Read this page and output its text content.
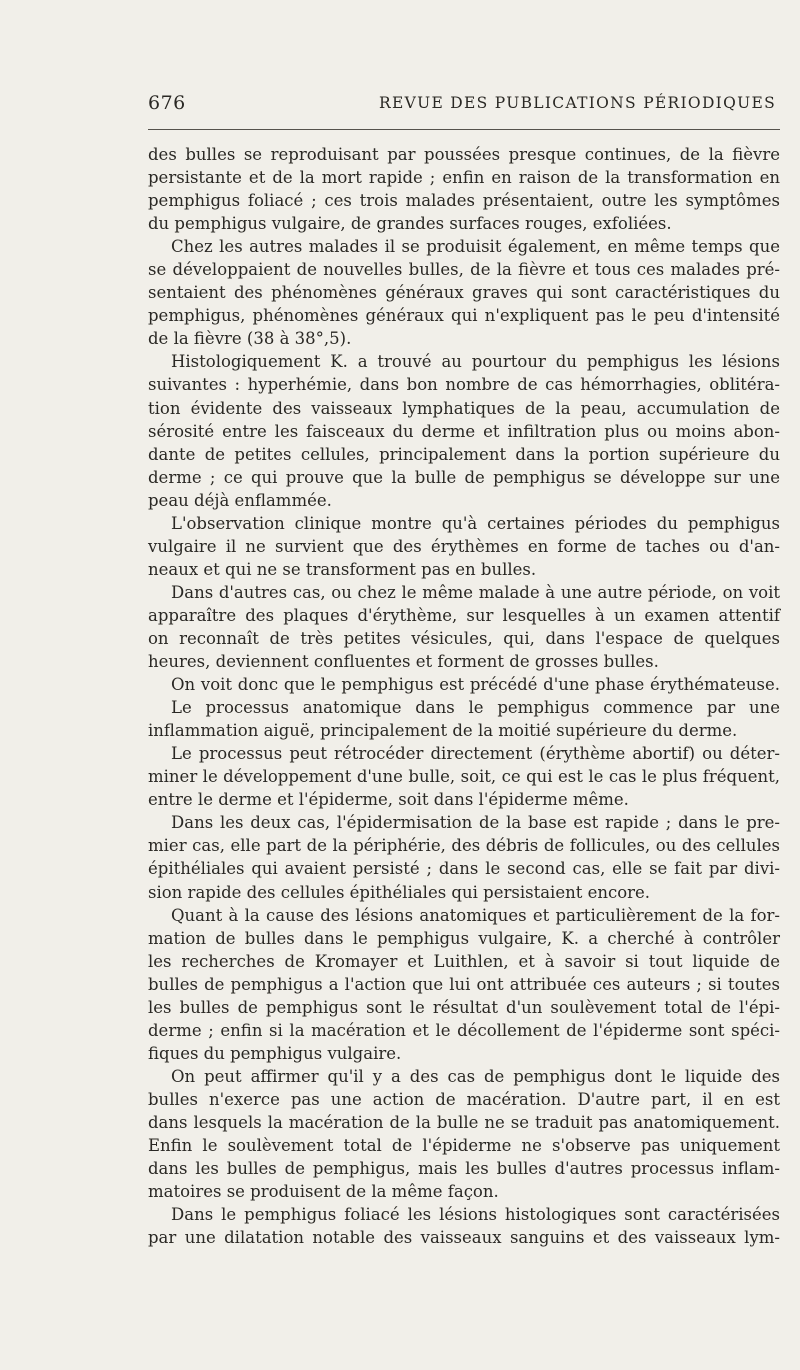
676	REVUE DES PUBLICATIONS PÉRIODIQUES
des bulles se reproduisant par poussées presque continues, de la fièvre
persistante et de la mort rapide ; enfin en raison de la transformation en
pemphigus foliacé ; ces trois malades présentaient, outre les symptômes
du pemphigus vulgaire, de grandes surfaces rouges, exfoliées.
Chez les autres malades il se produisit également, en même temps que
se développaient de nouvelles bulles, de la fièvre et tous ces malades pré-
sentaient des phénomènes généraux graves qui sont caractéristiques du
pemphigus, phénomènes généraux qui n'expliquent pas le peu d'intensité
de la fièvre (38 à 38°,5).
Histologiquement K. a trouvé au pourtour du pemphigus les lésions
suivantes : hyperhémie, dans bon nombre de cas hémorrhagies, oblitéra-
tion évidente des vaisseaux lymphatiques de la peau, accumulation de
sérosité entre les faisceaux du derme et infiltration plus ou moins abon-
dante de petites cellules, principalement dans la portion supérieure du
derme ; ce qui prouve que la bulle de pemphigus se développe sur une
peau déjà enflammée.
L'observation clinique montre qu'à certaines périodes du pemphigus
vulgaire il ne survient que des érythèmes en forme de taches ou d'an-
neaux et qui ne se transforment pas en bulles.
Dans d'autres cas, ou chez le même malade à une autre période, on voit
apparaître des plaques d'érythème, sur lesquelles à un examen attentif
on reconnaît de très petites vésicules, qui, dans l'espace de quelques
heures, deviennent confluentes et forment de grosses bulles.
On voit donc que le pemphigus est précédé d'une phase érythémateuse.
Le processus anatomique dans le pemphigus commence par une
inflammation aiguë, principalement de la moitié supérieure du derme.
Le processus peut rétrocéder directement (érythème abortif) ou déter-
miner le développement d'une bulle, soit, ce qui est le cas le plus fréquent,
entre le derme et l'épiderme, soit dans l'épiderme même.
Dans les deux cas, l'épidermisation de la base est rapide ; dans le pre-
mier cas, elle part de la périphérie, des débris de follicules, ou des cellules
épithéliales qui avaient persisté ; dans le second cas, elle se fait par divi-
sion rapide des cellules épithéliales qui persistaient encore.
Quant à la cause des lésions anatomiques et particulièrement de la for-
mation de bulles dans le pemphigus vulgaire, K. a cherché à contrôler
les recherches de Kromayer et Luithlen, et à savoir si tout liquide de
bulles de pemphigus a l'action que lui ont attribuée ces auteurs ; si toutes
les bulles de pemphigus sont le résultat d'un soulèvement total de l'épi-
derme ; enfin si la macération et le décollement de l'épiderme sont spéci-
fiques du pemphigus vulgaire.
On peut affirmer qu'il y a des cas de pemphigus dont le liquide des
bulles n'exerce pas une action de macération. D'autre part, il en est
dans lesquels la macération de la bulle ne se traduit pas anatomiquement.
Enfin le soulèvement total de l'épiderme ne s'observe pas uniquement
dans les bulles de pemphigus, mais les bulles d'autres processus inflam-
matoires se produisent de la même façon.
Dans le pemphigus foliacé les lésions histologiques sont caractérisées
par une dilatation notable des vaisseaux sanguins et des vaisseaux lym-
